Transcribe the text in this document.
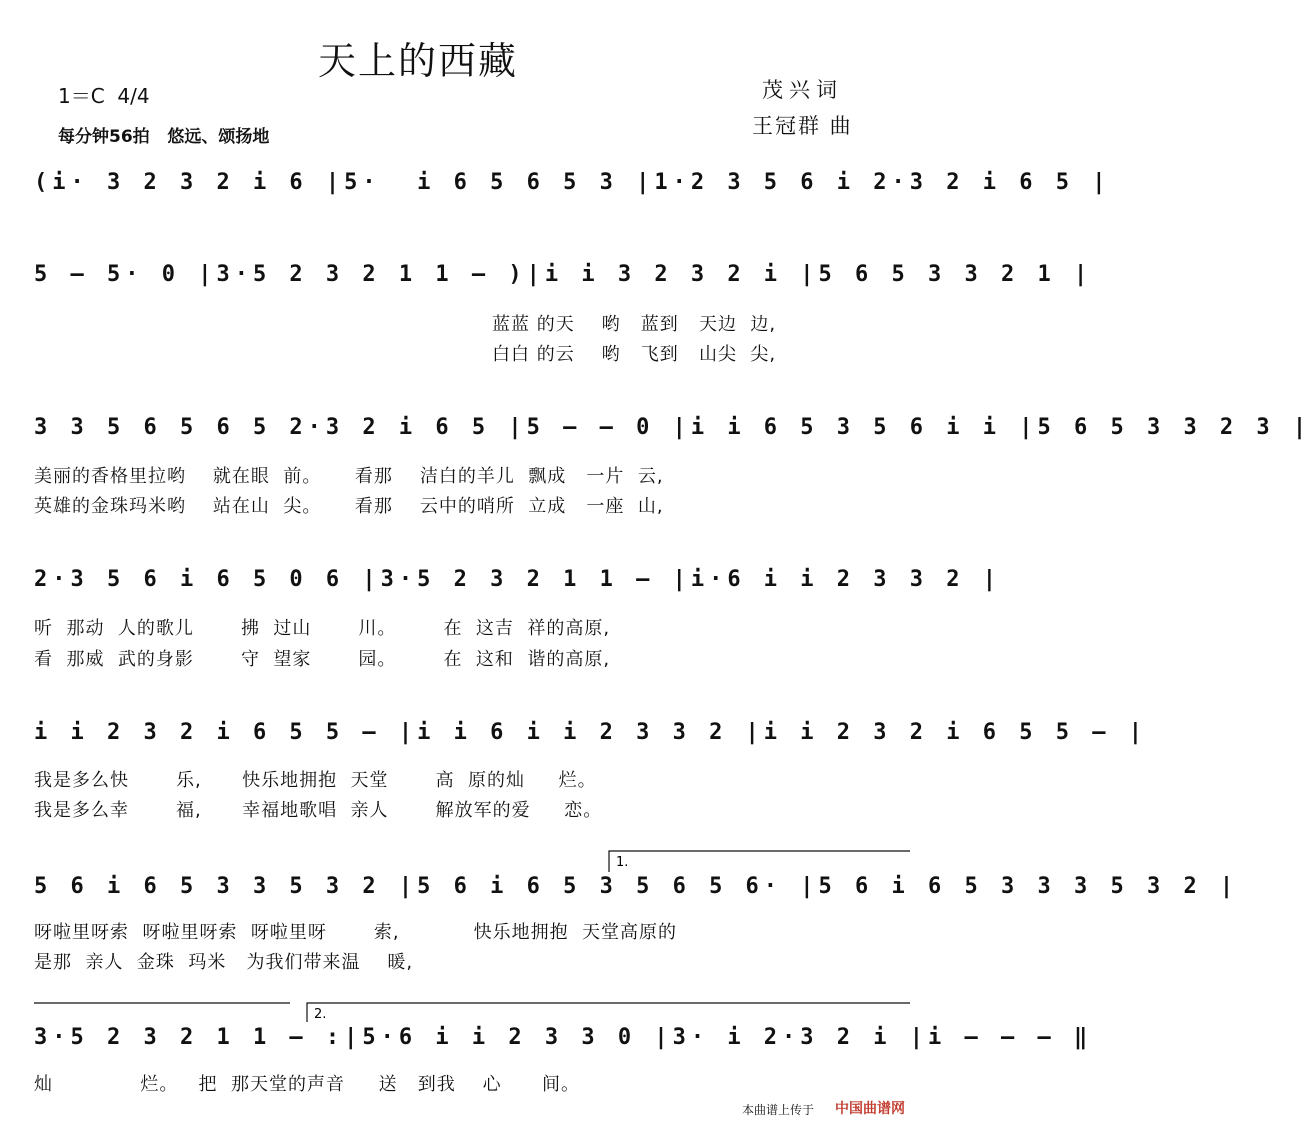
天上的西藏
1＝C  4/4
每分钟56拍   悠远、颂扬地
茂兴词
王冠群 曲
(i· 3 2 3 2 i 6 |5·  i 6 5 6 5 3 |1·2 3 5 6 i 2·3 2 i 6 5 |
5 – 5· 0 |3·5 2 3 2 1 1 – )|i i 3 2 3 2 i |5 6 5 3 3 2 1 |
蓝蓝 的天    哟   蓝到   天边  边,
白白 的云    哟   飞到   山尖  尖,
3 3 5 6 5 6 5 2·3 2 i 6 5 |5 – – 0 |i i 6 5 3 5 6 i i |5 6 5 3 3 2 3 |
美丽的香格里拉哟    就在眼  前。     看那    洁白的羊儿  飘成   一片  云,
英雄的金珠玛米哟    站在山  尖。     看那    云中的哨所  立成   一座  山,
2·3 5 6 i 6 5 0 6 |3·5 2 3 2 1 1 – |i·6 i i 2 3 3 2 |
听  那动  人的歌儿       拂  过山       川。       在  这吉  祥的高原,
看  那威  武的身影       守  望家       园。       在  这和  谐的高原,
i i 2 3 2 i 6 5 5 – |i i 6 i i 2 3 3 2 |i i 2 3 2 i 6 5 5 – |
我是多么快       乐,      快乐地拥抱  天堂       高  原的灿     烂。
我是多么幸       福,      幸福地歌唱  亲人       解放军的爱     恋。
5 6 i 6 5 3 3 5 3 2 |5 6 i 6 5 3 5 6 5 6· |5 6 i 6 5 3 3 3 5 3 2 |
呀啦里呀索  呀啦里呀索  呀啦里呀       索,           快乐地拥抱  天堂高原的
是那  亲人  金珠  玛米   为我们带来温    暖,
3·5 2 3 2 1 1 – :|5·6 i i 2 3 3 0 |3· i 2·3 2 i |i – – – ‖
灿             烂。   把  那天堂的声音     送   到我    心      间。
1.
2.
本曲谱上传于 中国曲谱网
